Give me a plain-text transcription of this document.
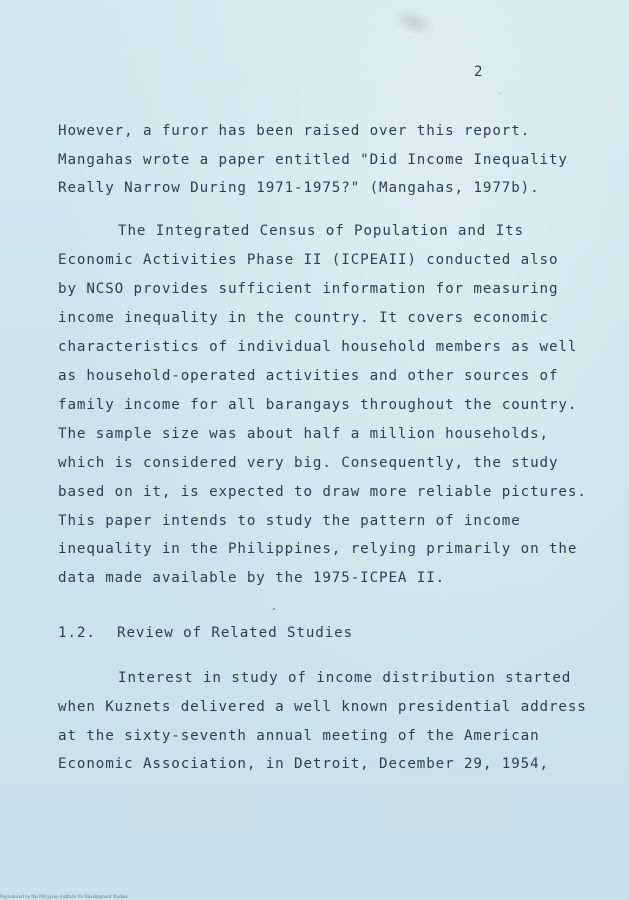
2
However, a furor has been raised over this report.
Mangahas wrote a paper entitled "Did Income Inequality
Really Narrow During 1971-1975?" (Mangahas, 1977b).
The Integrated Census of Population and Its
Economic Activities Phase II (ICPEAII) conducted also
by NCSO provides sufficient information for measuring
income inequality in the country. It covers economic
characteristics of individual household members as well
as household-operated activities and other sources of
family income for all barangays throughout the country.
The sample size was about half a million households,
which is considered very big. Consequently, the study
based on it, is expected to draw more reliable pictures.
This paper intends to study the pattern of income
inequality in the Philippines, relying primarily on the
data made available by the 1975-ICPEA II.
1.2. Review of Related Studies
Interest in study of income distribution started
when Kuznets delivered a well known presidential address
at the sixty-seventh annual meeting of the American
Economic Association, in Detroit, December 29, 1954,
Reproduced by the Philippine Institute for Development Studies
